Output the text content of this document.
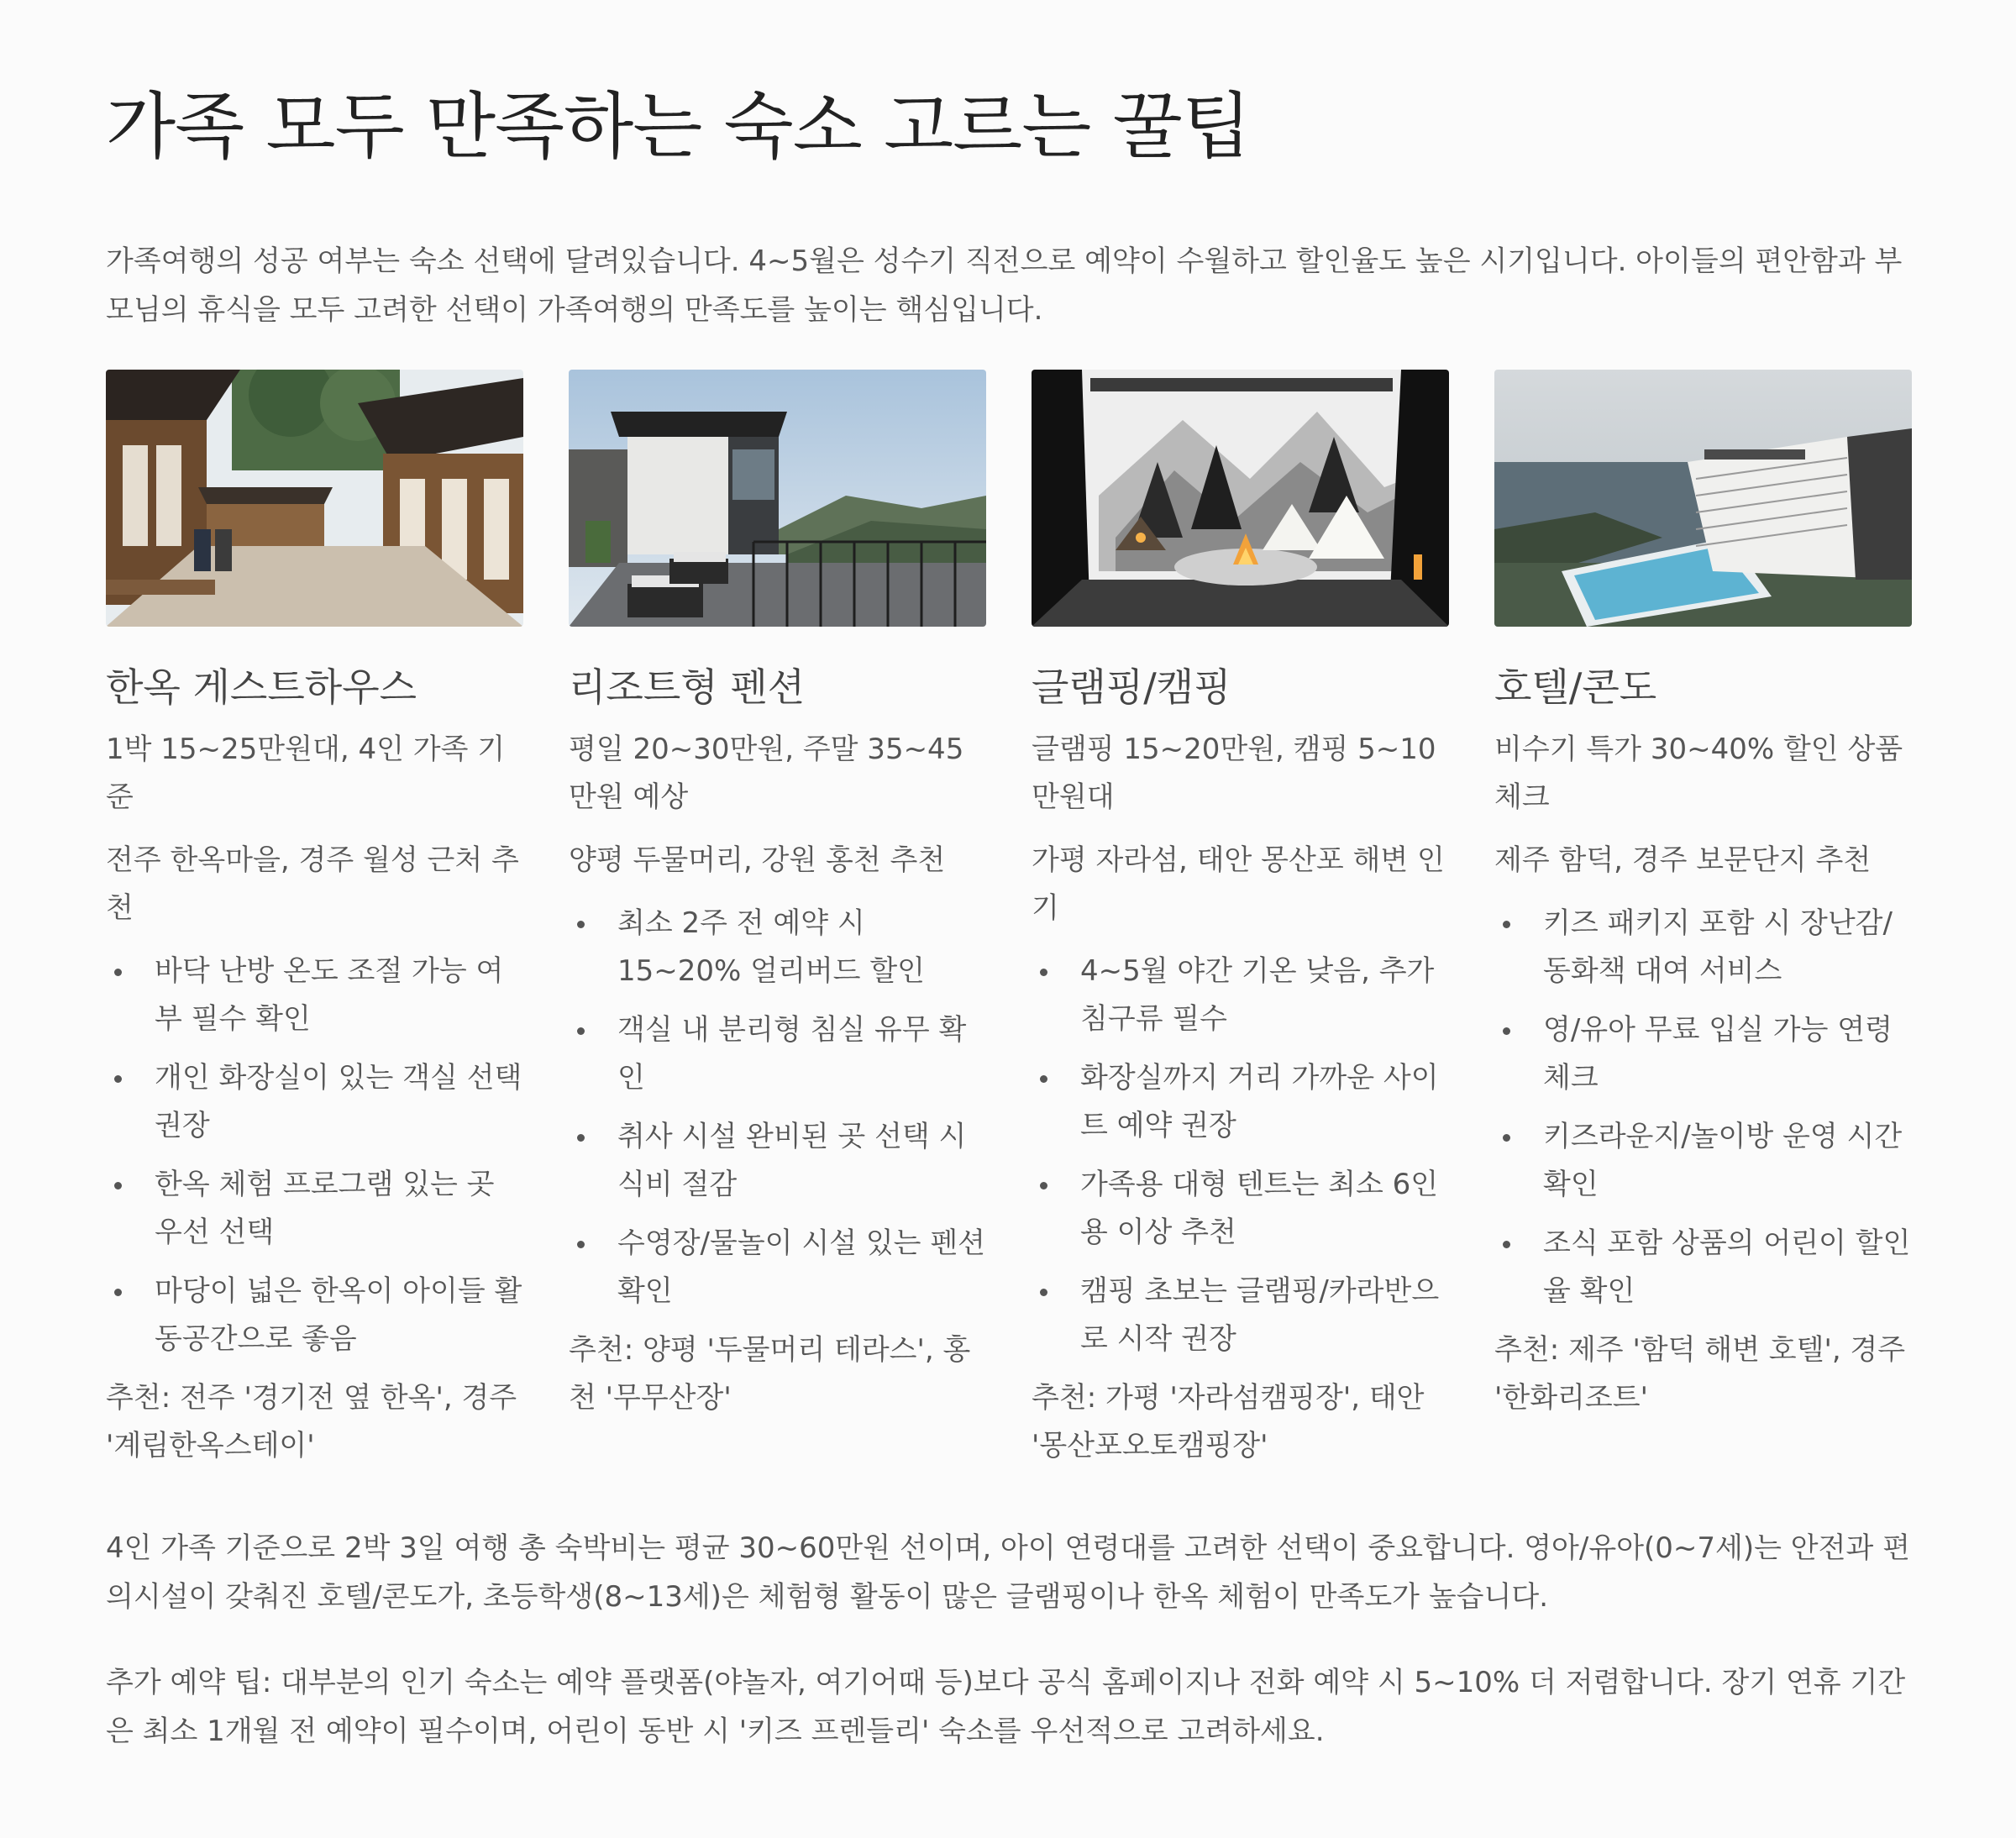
가족 모두 만족하는 숙소 고르는 꿀팁

가족여행의 성공 여부는 숙소 선택에 달려있습니다. 4~5월은 성수기 직전으로 예약이 수월하고 할인율도 높은 시기입니다. 아이들의 편안함과 부모님의 휴식을 모두 고려한 선택이 가족여행의 만족도를 높이는 핵심입니다.

한옥 게스트하우스

1박 15~25만원대, 4인 가족 기준

전주 한옥마을, 경주 월성 근처 추천

바닥 난방 온도 조절 가능 여부 필수 확인
개인 화장실이 있는 객실 선택 권장
한옥 체험 프로그램 있는 곳 우선 선택
마당이 넓은 한옥이 아이들 활동공간으로 좋음

추천: 전주 '경기전 옆 한옥', 경주 '계림한옥스테이'

리조트형 펜션

평일 20~30만원, 주말 35~45만원 예상

양평 두물머리, 강원 홍천 추천

최소 2주 전 예약 시 15~20% 얼리버드 할인
객실 내 분리형 침실 유무 확인
취사 시설 완비된 곳 선택 시 식비 절감
수영장/물놀이 시설 있는 펜션 확인

추천: 양평 '두물머리 테라스', 홍천 '무무산장'

글램핑/캠핑

글램핑 15~20만원, 캠핑 5~10만원대

가평 자라섬, 태안 몽산포 해변 인기

4~5월 야간 기온 낮음, 추가 침구류 필수
화장실까지 거리 가까운 사이트 예약 권장
가족용 대형 텐트는 최소 6인용 이상 추천
캠핑 초보는 글램핑/카라반으로 시작 권장

추천: 가평 '자라섬캠핑장', 태안 '몽산포오토캠핑장'

호텔/콘도

비수기 특가 30~40% 할인 상품 체크

제주 함덕, 경주 보문단지 추천

키즈 패키지 포함 시 장난감/동화책 대여 서비스
영/유아 무료 입실 가능 연령 체크
키즈라운지/놀이방 운영 시간 확인
조식 포함 상품의 어린이 할인율 확인

추천: 제주 '함덕 해변 호텔', 경주 '한화리조트'

4인 가족 기준으로 2박 3일 여행 총 숙박비는 평균 30~60만원 선이며, 아이 연령대를 고려한 선택이 중요합니다. 영아/유아(0~7세)는 안전과 편의시설이 갖춰진 호텔/콘도가, 초등학생(8~13세)은 체험형 활동이 많은 글램핑이나 한옥 체험이 만족도가 높습니다.

추가 예약 팁: 대부분의 인기 숙소는 예약 플랫폼(야놀자, 여기어때 등)보다 공식 홈페이지나 전화 예약 시 5~10% 더 저렴합니다. 장기 연휴 기간은 최소 1개월 전 예약이 필수이며, 어린이 동반 시 '키즈 프렌들리' 숙소를 우선적으로 고려하세요.
